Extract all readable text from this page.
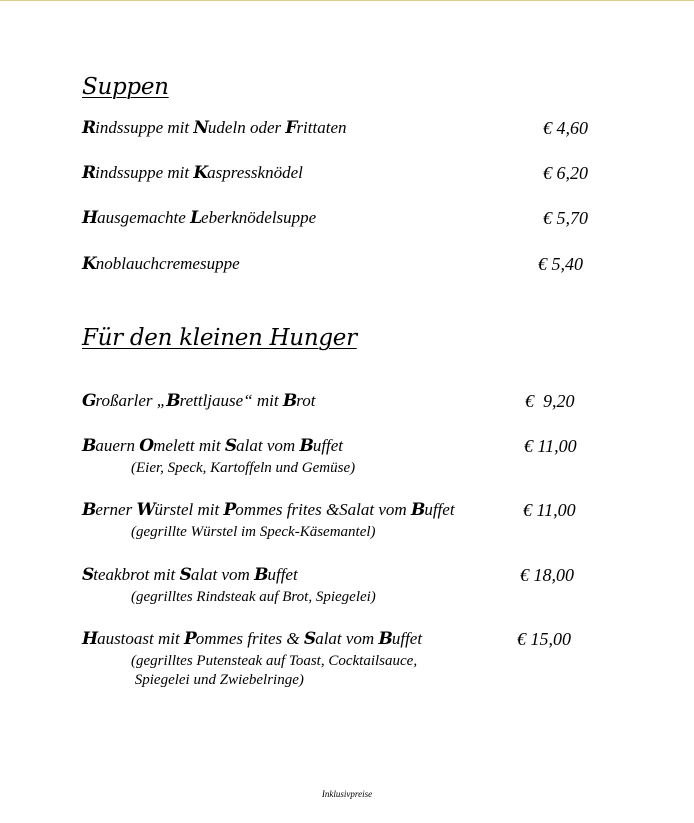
Suppen
Rindssuppe mit Nudeln oder Frittaten	€ 4,60
Rindssuppe mit Kaspressknödel	€ 6,20
Hausgemachte Leberknödelsuppe	€ 5,70
Knoblauchcremesuppe	€ 5,40
Für den kleinen Hunger
Großarler „Brettljause“ mit Brot	€  9,20
Bauern Omelett mit Salat vom Buffet	€ 11,00
(Eier, Speck, Kartoffeln und Gemüse)
Berner Würstel mit Pommes frites &Salat vom Buffet	€ 11,00
(gegrillte Würstel im Speck-Käsemantel)
Steakbrot mit Salat vom Buffet	€ 18,00
(gegrilltes Rindsteak auf Brot, Spiegelei)
Haustoast mit Pommes frites & Salat vom Buffet	€ 15,00
(gegrilltes Putensteak auf Toast, Cocktailsauce,
Spiegelei und Zwiebelringe)
Inklusivpreise
